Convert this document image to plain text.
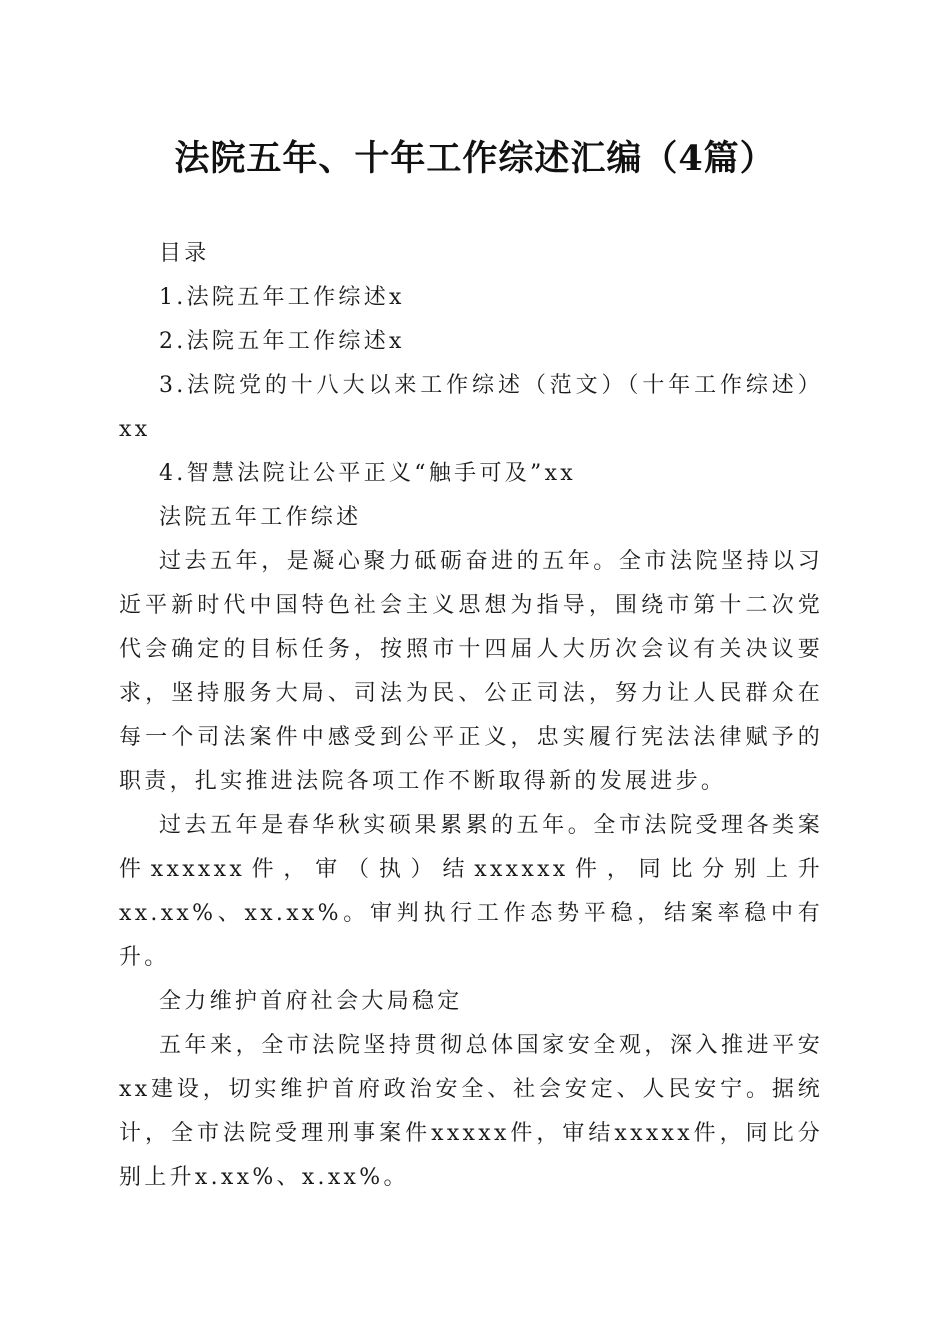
法院五年、十年工作综述汇编（4篇）

目录

1.法院五年工作综述x

2.法院五年工作综述x

3.法院党的十八大以来工作综述（范文）（十年工作综述）xx

4.智慧法院让公平正义“触手可及”xx

法院五年工作综述

过去五年，是凝心聚力砥砺奋进的五年。全市法院坚持以习近平新时代中国特色社会主义思想为指导，围绕市第十二次党代会确定的目标任务，按照市十四届人大历次会议有关决议要求，坚持服务大局、司法为民、公正司法，努力让人民群众在每一个司法案件中感受到公平正义，忠实履行宪法法律赋予的职责，扎实推进法院各项工作不断取得新的发展进步。

过去五年是春华秋实硕果累累的五年。全市法院受理各类案件xxxxxx件，审（执）结xxxxxx件，同比分别上升xx.xx%、xx.xx%。审判执行工作态势平稳，结案率稳中有升。

全力维护首府社会大局稳定

五年来，全市法院坚持贯彻总体国家安全观，深入推进平安xx建设，切实维护首府政治安全、社会安定、人民安宁。据统计，全市法院受理刑事案件xxxxx件，审结xxxxx件，同比分别上升x.xx%、x.xx%。
